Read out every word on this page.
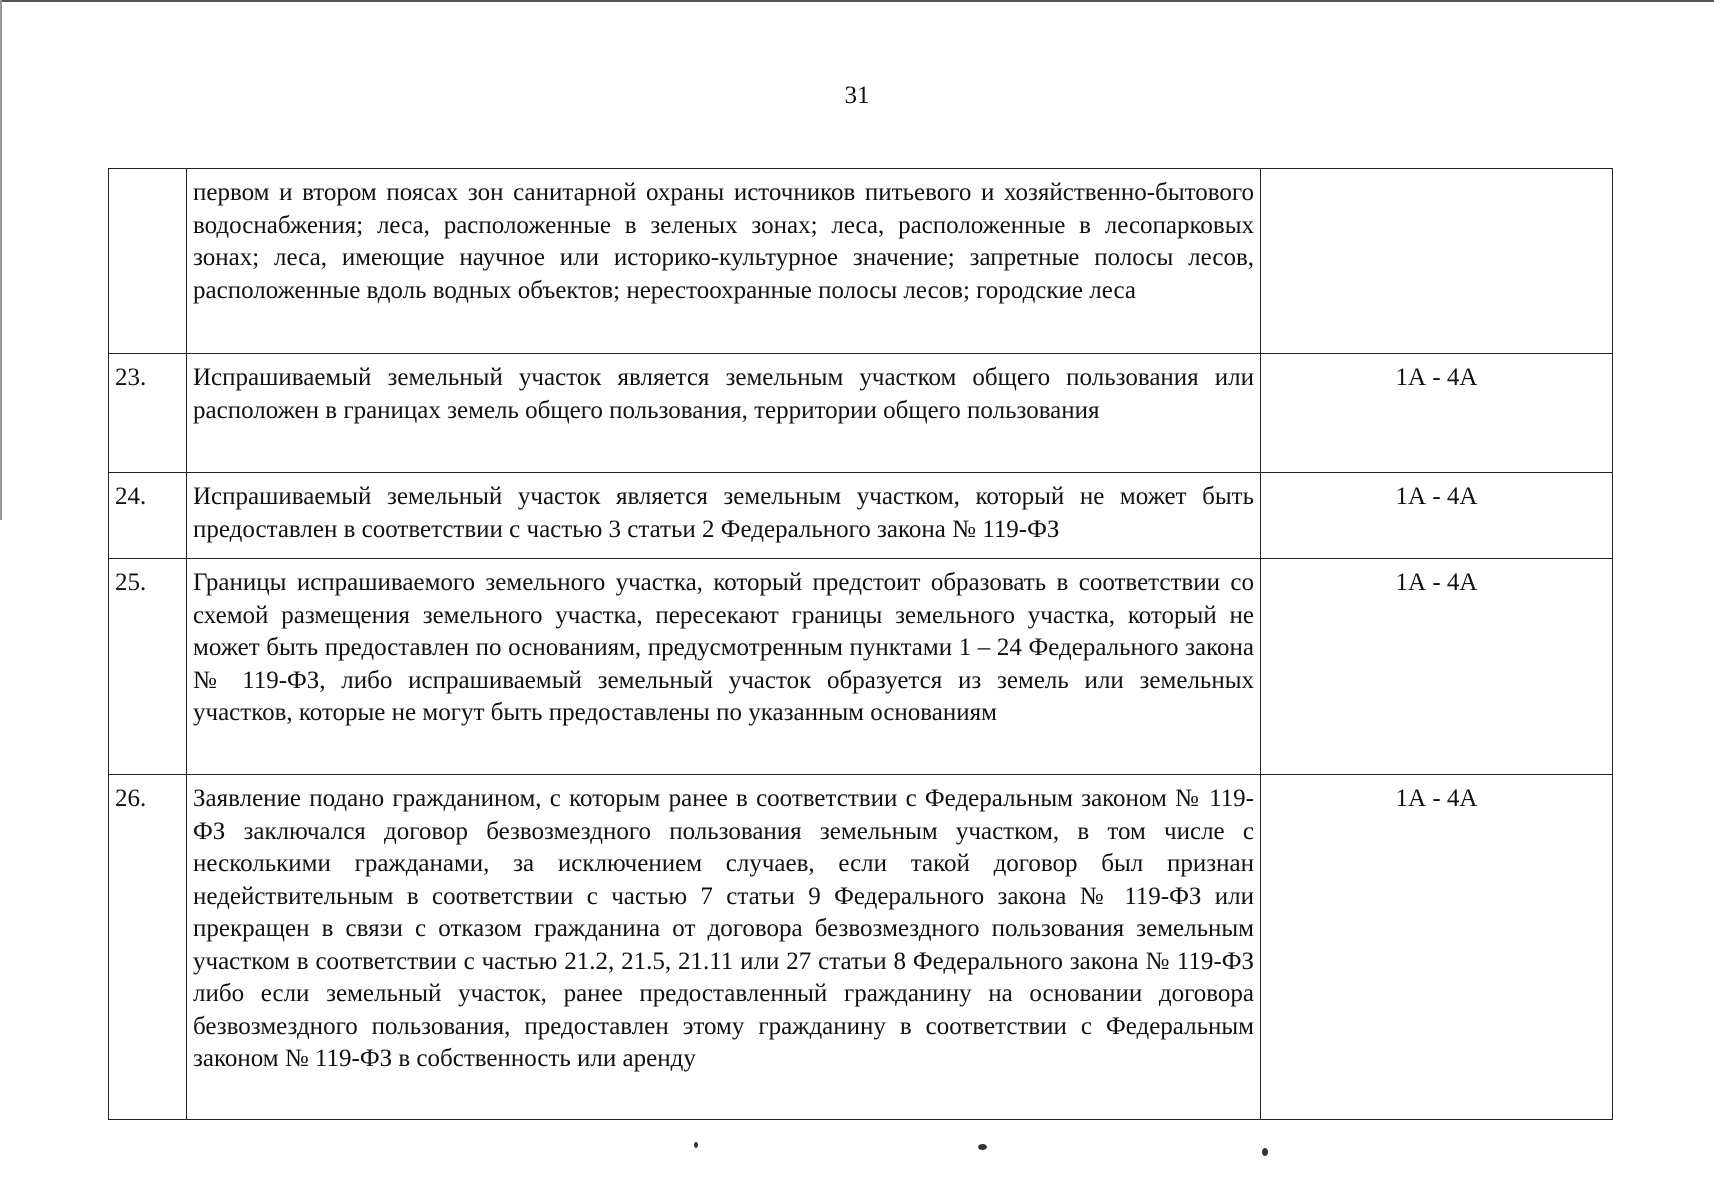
31
	первом и втором поясах зон санитарной охраны источников питьевого и хозяйственно-бытового водоснабжения; леса, расположенные в зеленых зонах; леса, расположенные в лесопарковых зонах; леса, имеющие научное или историко-культурное значение; запретные полосы лесов, расположенные вдоль водных объектов; нерестоохранные полосы лесов; городские леса	
23.	Испрашиваемый земельный участок является земельным участком общего пользования или расположен в границах земель общего пользования, территории общего пользования	1А - 4А
24.	Испрашиваемый земельный участок является земельным участком, который не может быть предоставлен в соответствии с частью 3 статьи 2 Федерального закона № 119-ФЗ	1А - 4А
25.	Границы испрашиваемого земельного участка, который предстоит образовать в соответствии со схемой размещения земельного участка, пересекают границы земельного участка, который не может быть предоставлен по основаниям, предусмотренным пунктами 1 – 24 Федерального закона № 119-ФЗ, либо испрашиваемый земельный участок образуется из земель или земельных участков, которые не могут быть предоставлены по указанным основаниям	1А - 4А
26.	Заявление подано гражданином, с которым ранее в соответствии с Федеральным законом № 119-ФЗ заключался договор безвозмездного пользования земельным участком, в том числе с несколькими гражданами, за исключением случаев, если такой договор был признан недействительным в соответствии с частью 7 статьи 9 Федерального закона № 119-ФЗ или прекращен в связи с отказом гражданина от договора безвозмездного пользования земельным участком в соответствии с частью 21.2, 21.5, 21.11 или 27 статьи 8 Федерального закона № 119-ФЗ либо если земельный участок, ранее предоставленный гражданину на основании договора безвозмездного пользования, предоставлен этому гражданину в соответствии с Федеральным законом № 119-ФЗ в собственность или аренду	1А - 4А
